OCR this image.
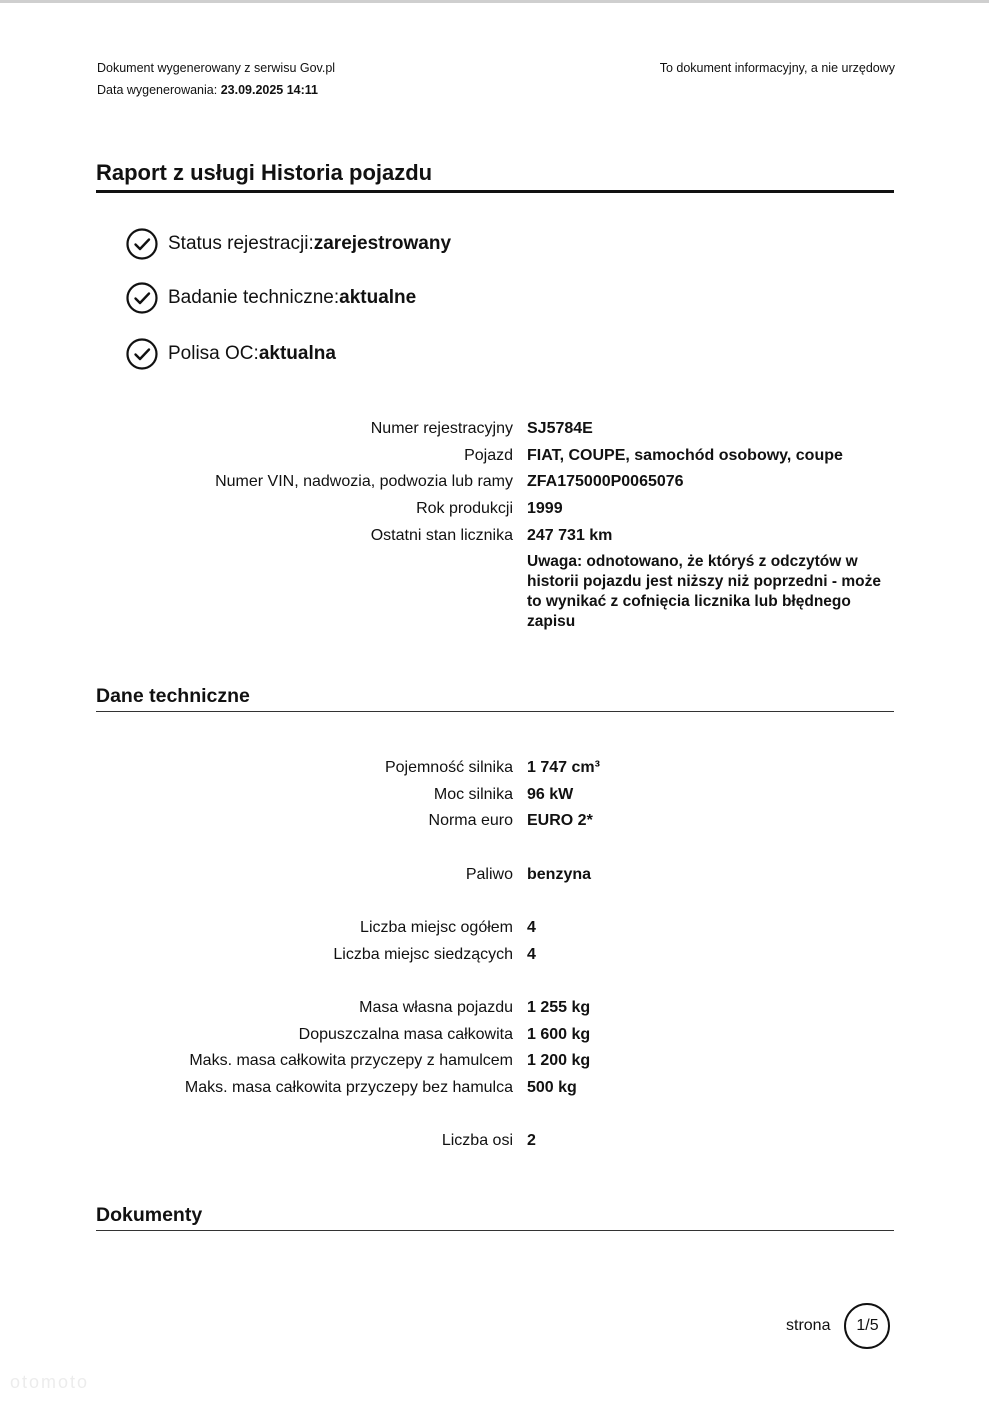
Dokument wygenerowany z serwisu Gov.pl
Data wygenerowania: 23.09.2025 14:11
To dokument informacyjny, a nie urzędowy
Raport z usługi Historia pojazdu
Status rejestracji: zarejestrowany
Badanie techniczne: aktualne
Polisa OC: aktualna
Numer rejestracyjny SJ5784E
Pojazd FIAT, COUPE, samochód osobowy, coupe
Numer VIN, nadwozia, podwozia lub ramy ZFA175000P0065076
Rok produkcji 1999
Ostatni stan licznika 247 731 km
Uwaga: odnotowano, że któryś z odczytów w historii pojazdu jest niższy niż poprzedni - może to wynikać z cofnięcia licznika lub błędnego zapisu
Dane techniczne
Pojemność silnika 1 747 cm³
Moc silnika 96 kW
Norma euro EURO 2*
Paliwo benzyna
Liczba miejsc ogółem 4
Liczba miejsc siedzących 4
Masa własna pojazdu 1 255 kg
Dopuszczalna masa całkowita 1 600 kg
Maks. masa całkowita przyczepy z hamulcem 1 200 kg
Maks. masa całkowita przyczepy bez hamulca 500 kg
Liczba osi 2
Dokumenty
strona	1/5
otomoto
